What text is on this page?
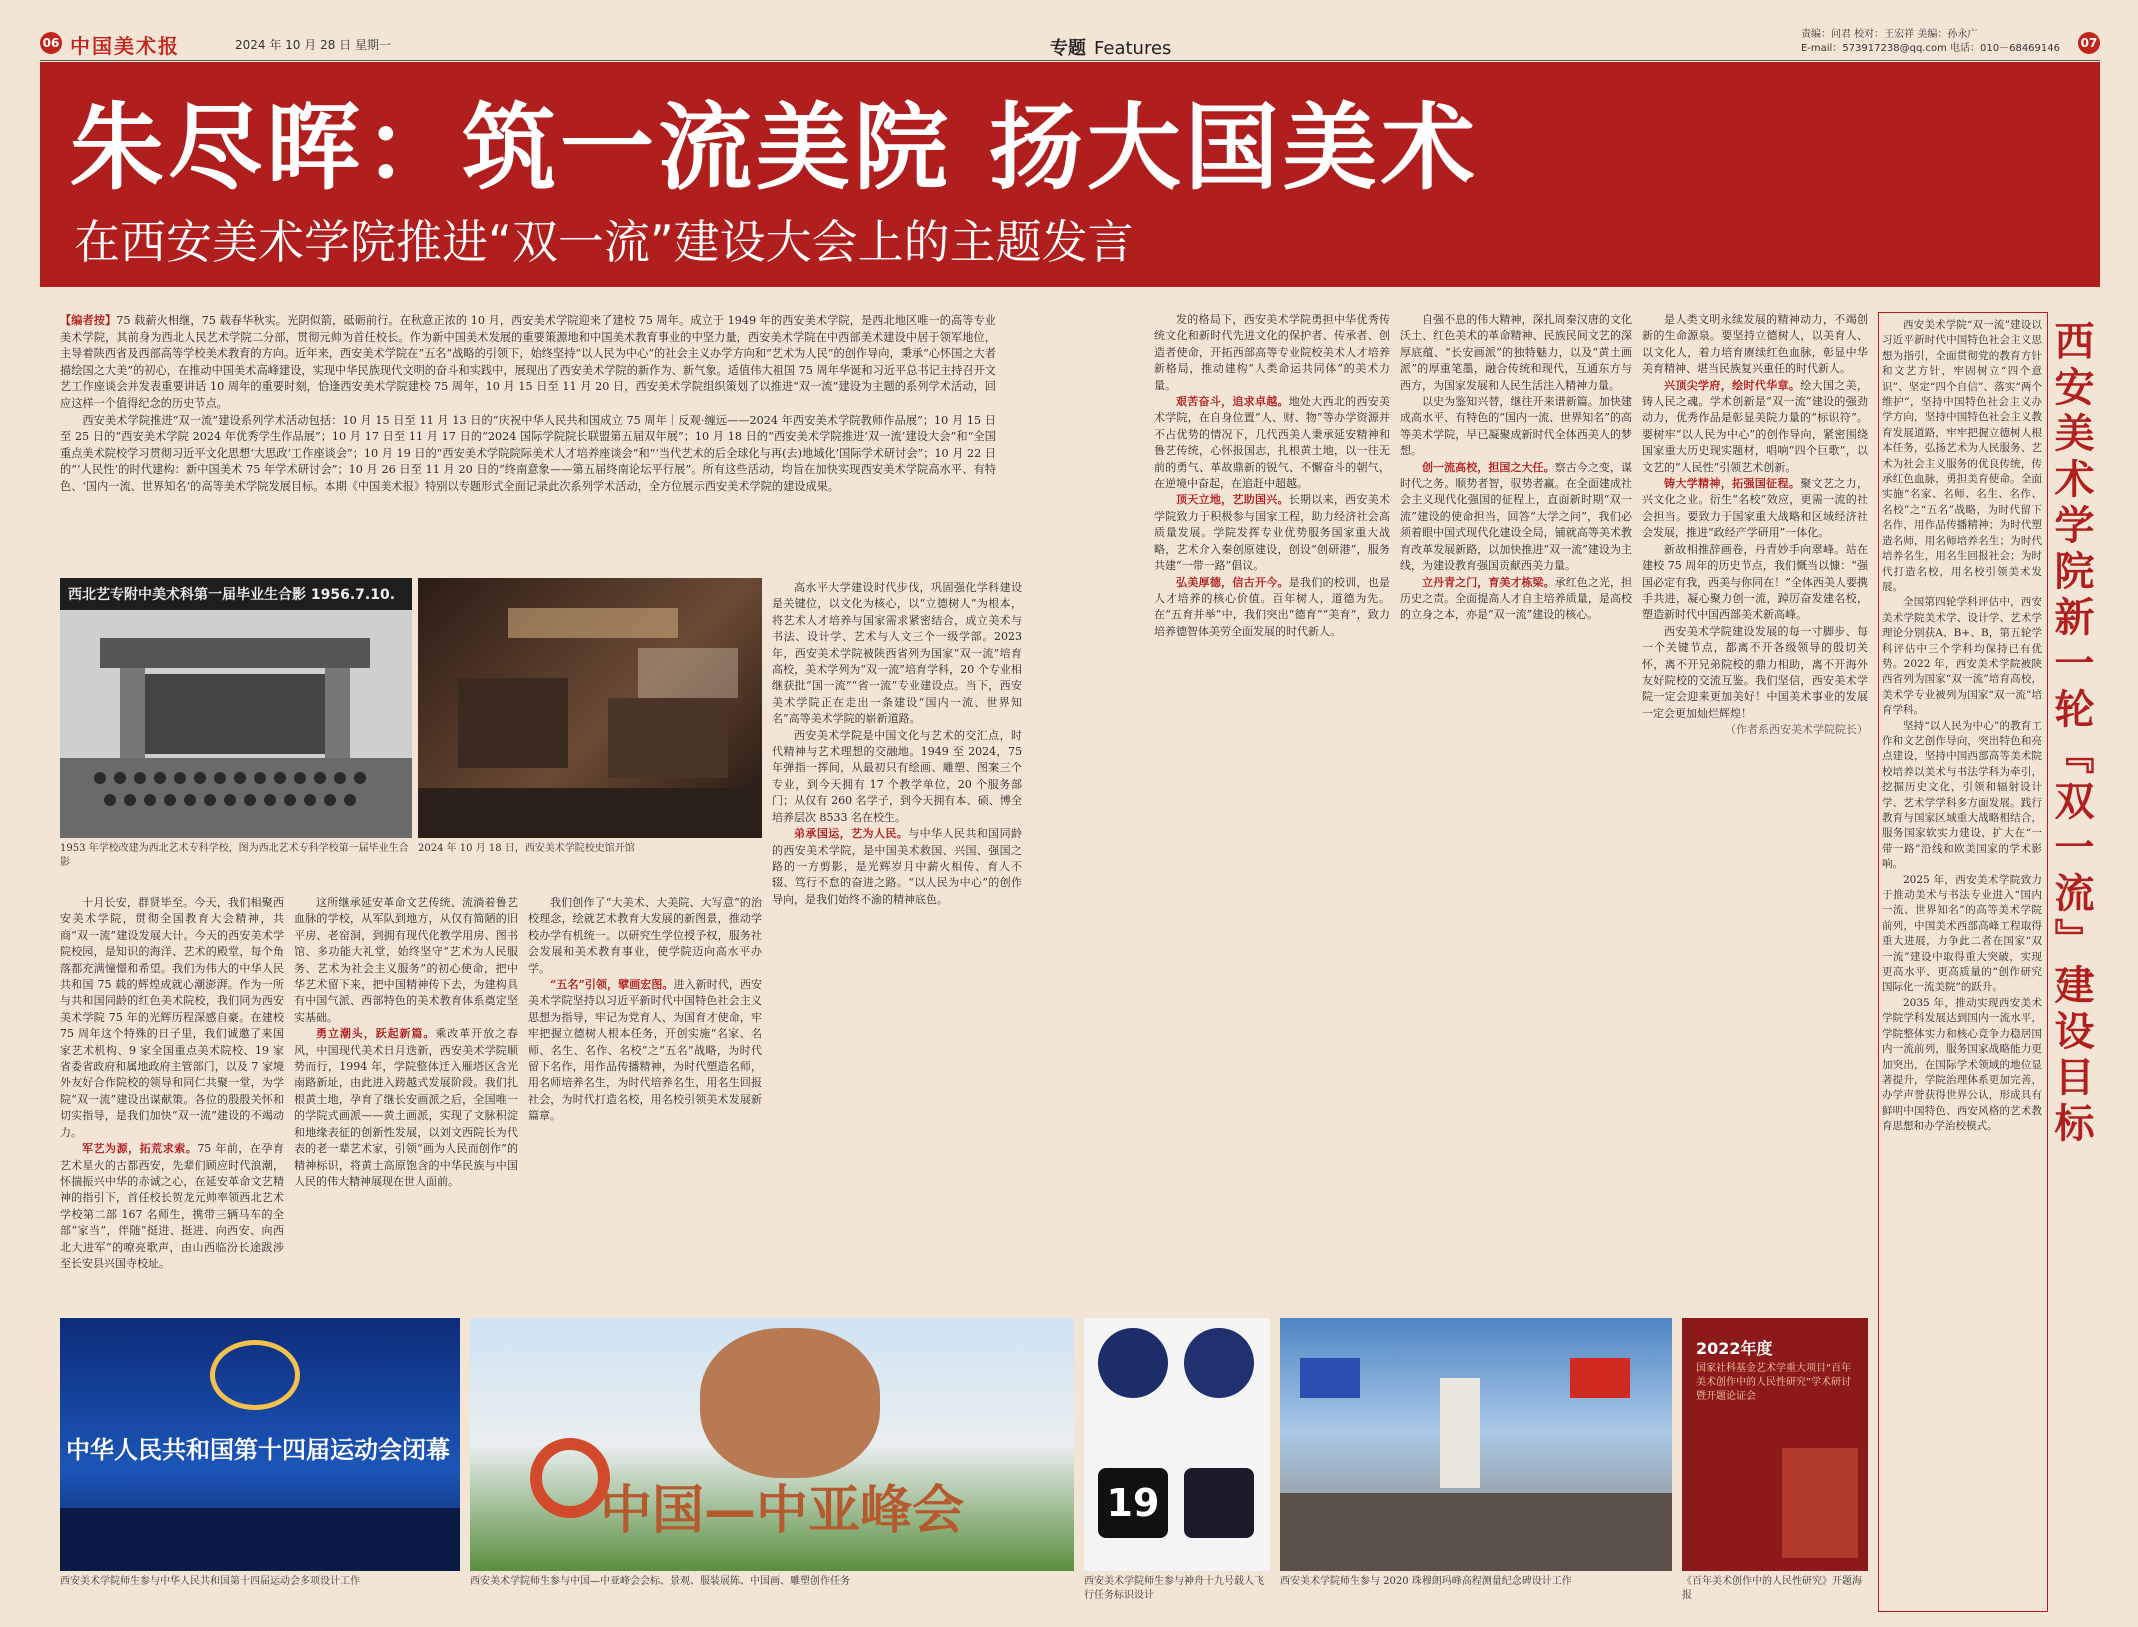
06 中国美术报	2024 年 10 月 28 日 星期一	专题 Features
责编：问君 校对：王宏祥 美编：孙永广
E-mail：573917238@qq.com 电话：010－68469146 07
朱尽晖：筑一流美院 扬大国美术
在西安美术学院推进“双一流”建设大会上的主题发言

【编者按】75 载薪火相继，75 载春华秋实。光阴似箭，砥砺前行。在秋意正浓的 10 月，西安美术学院迎来了建校 75 周年。成立于 1949 年的西安美术学院，是西北地区唯一的高等专业美术学院，其前身为西北人民艺术学院二分部，贯彻元帅为首任校长。作为新中国美术发展的重要策源地和中国美术教育事业的中坚力量，西安美术学院在中西部美术建设中居于领军地位，主导着陕西省及西部高等学校美术教育的方向。近年来，西安美术学院在“五名”战略的引领下，始终坚持“以人民为中心”的社会主义办学方向和“艺术为人民”的创作导向，秉承“心怀国之大者 描绘国之大美”的初心，在推动中国美术高峰建设，实现中华民族现代文明的奋斗和实践中，展现出了西安美术学院的新作为、新气象。适值伟大祖国 75 周年华诞和习近平总书记主持召开文艺工作座谈会并发表重要讲话 10 周年的重要时刻，恰逢西安美术学院建校 75 周年，10 月 15 日至 11 月 20 日，西安美术学院组织策划了以推进“双一流”建设为主题的系列学术活动，回应这样一个值得纪念的历史节点。

西安美术学院推进“双一流”建设系列学术活动包括：10 月 15 日至 11 月 13 日的“庆祝中华人民共和国成立 75 周年｜反观·缠远——2024 年西安美术学院教师作品展”；10 月 15 日至 25 日的“西安美术学院 2024 年优秀学生作品展”；10 月 17 日至 11 月 17 日的“2024 国际学院院长联盟第五届双年展”；10 月 18 日的“西安美术学院推进‘双一流’建设大会”和“全国重点美术院校学习贯彻习近平文化思想‘大思政’工作座谈会”；10 月 19 日的“西安美术学院院际美术人才培养座谈会”和“‘当代艺术的后全球化与再(去)地域化’国际学术研讨会”；10 月 22 日的“‘人民性’的时代建构：新中国美术 75 年学术研讨会”；10 月 26 日至 11 月 20 日的“终南意象——第五届终南论坛平行展”。所有这些活动，均旨在加快实现西安美术学院高水平、有特色、‘国内一流、世界知名’的高等美术学院发展目标。本期《中国美术报》特别以专题形式全面记录此次系列学术活动，全方位展示西安美术学院的建设成果。

西北艺专附中美术科第一届毕业生合影 1956.7.10.
1953 年学校改建为西北艺术专科学校，图为西北艺术专科学校第一届毕业生合影
2024 年 10 月 18 日，西安美术学院校史馆开馆

十月长安，群贤毕至。今天，我们相聚西安美术学院，贯彻全国教育大会精神，共商“双一流”建设发展大计。今天的西安美术学院校园，是知识的海洋、艺术的殿堂，每个角落都充满憧憬和希望。我们为伟大的中华人民共和国 75 载的辉煌成就心潮澎湃。作为一所与共和国同龄的红色美术院校，我们同为西安美术学院 75 年的光辉历程深感自豪。在建校 75 周年这个特殊的日子里，我们诚邀了来国家艺术机构、9 家全国重点美术院校、19 家省委省政府和属地政府主管部门，以及 7 家境外友好合作院校的领导和同仁共聚一堂，为学院“双一流”建设出谋献策。各位的殷殷关怀和切实指导，是我们加快“双一流”建设的不竭动力。

军艺为源，拓荒求索。75 年前，在孕育艺术星火的古都西安，先辈们顾应时代浪潮，怀揣振兴中华的赤诚之心，在延安革命文艺精神的指引下，首任校长贺龙元帅率领西北艺术学校第二部 167 名师生，携带三辆马车的全部“家当”，伴随“挺进、挺进、向西安、向西北大进军”的嘹亮歌声，由山西临汾长途跋涉至长安县兴国寺校址。

这所继承延安革命文艺传统、流淌着鲁艺血脉的学校，从军队到地方，从仅有简陋的旧平房、老窑洞，到拥有现代化教学用房、图书馆、多功能大礼堂，始终坚守“艺术为人民服务、艺术为社会主义服务”的初心使命，把中华艺术留下来，把中国精神传下去，为建构具有中国气派、西部特色的美术教育体系奠定坚实基础。

勇立潮头，跃起新篇。乘改革开放之春风，中国现代美术日月迭新，西安美术学院顺势而行，1994 年，学院整体迁入雁塔区含光南路新址，由此进入跨越式发展阶段。我们扎根黄土地，孕育了继长安画派之后，全国唯一的学院式画派——黄土画派，实现了文脉积淀和地缘表征的创新性发展，以刘文西院长为代表的老一辈艺术家，引领“画为人民而创作”的精神标识，将黄土高原饱含的中华民族与中国人民的伟大精神展现在世人面前。

我们创作了“大美术、大美院、大写意”的治校理念，绘就艺术教育大发展的新图景，推动学校办学有机统一。以研究生学位授予权，服务社会发展和美术教育事业，使学院迈向高水平办学。

“五名”引领，擘画宏图。进入新时代，西安美术学院坚持以习近平新时代中国特色社会主义思想为指导，牢记为党育人、为国育才使命，牢牢把握立德树人根本任务，开创实施“名家、名师、名生、名作、名校”之“五名”战略，为时代留下名作，用作品传播精神，为时代塑造名师，用名师培养名生，为时代培养名生，用名生回报社会，为时代打造名校，用名校引领美术发展新篇章。

高水平大学建设时代步伐，巩固强化学科建设是关键位，以文化为核心，以“立德树人”为根本，将艺术人才培养与国家需求紧密结合，成立美术与书法、设计学、艺术与人文三个一级学部。2023 年，西安美术学院被陕西省列为国家“双一流”培育高校，美术学列为“双一流”培育学科，20 个专业相继获批“国一流”“省一流”专业建设点。当下，西安美术学院正在走出一条建设“国内一流、世界知名”高等美术学院的崭新道路。

西安美术学院是中国文化与艺术的交汇点，时代精神与艺术理想的交融地。1949 至 2024，75 年弹指一挥间，从最初只有绘画、雕塑、图案三个专业，到今天拥有 17 个教学单位，20 个服务部门；从仅有 260 名学子，到今天拥有本、硕、博全培养层次 8533 名在校生。

弟承国运，艺为人民。与中华人民共和国同龄的西安美术学院，是中国美术救国、兴国、强国之路的一方剪影，是光辉岁月中薪火相传、育人不辍、笃行不怠的奋进之路。“以人民为中心”的创作导向，是我们始终不渝的精神底色。

发的格局下，西安美术学院勇担中华优秀传统文化和新时代先进文化的保护者、传承者、创造者使命，开拓西部高等专业院校美术人才培养新格局，推动建构“人类命运共同体”的美术力量。

艰苦奋斗，追求卓越。地处大西北的西安美术学院，在自身位置“人、财、物”等办学资源并不占优势的情况下，几代西美人秉承延安精神和鲁艺传统，心怀报国志，扎根黄土地，以一往无前的勇气、革故鼎新的锐气、不懈奋斗的朝气，在逆境中奋起，在追赶中超越。

顶天立地，艺助国兴。长期以来，西安美术学院致力于积极参与国家工程，助力经济社会高质量发展。学院发挥专业优势服务国家重大战略，艺术介入秦创原建设，创设“创研港”，服务共建“一带一路”倡议。

弘美厚德，信古开今。是我们的校训，也是人才培养的核心价值。百年树人，道德为先。在“五育并举”中，我们突出“德育”“美育”，致力培养德智体美劳全面发展的时代新人。

自强不息的伟大精神，深扎周秦汉唐的文化沃土、红色美术的革命精神、民族民间文艺的深厚底蕴、“长安画派”的独特魅力，以及“黄土画派”的厚重笔墨，融合传统和现代，互通东方与西方，为国家发展和人民生活注入精神力量。

以史为鉴知兴替，继往开来谱新篇。加快建成高水平、有特色的“国内一流、世界知名”的高等美术学院，早已凝聚成新时代全体西美人的梦想。

创一流高校，担国之大任。察古今之变，谋时代之务。顺势者智，驭势者赢。在全面建成社会主义现代化强国的征程上，直面新时期“双一流”建设的使命担当，回答“大学之问”，我们必须着眼中国式现代化建设全局，铺就高等美术教育改革发展新路，以加快推进“双一流”建设为主线，为建设教育强国贡献西美力量。

立丹青之门，育美才栋梁。承红色之光，担历史之责。全面提高人才自主培养质量，是高校的立身之本，亦是“双一流”建设的核心。

是人类文明永续发展的精神动力，不竭创新的生命源泉。要坚持立德树人，以美育人、以文化人，着力培育赓续红色血脉，彰显中华美育精神、堪当民族复兴重任的时代新人。

兴顶尖学府，绘时代华章。绘大国之美，铸人民之魂。学术创新是“双一流”建设的强劲动力，优秀作品是彰显美院力量的“标识符”。要树牢“以人民为中心”的创作导向，紧密围绕国家重大历史现实题材，唱响“四个巨歌”，以文艺的“人民性”引领艺术创新。

铸大学精神，拓强国征程。聚文艺之力，兴文化之业。衍生“名校”效应，更需一流的社会担当。要致力于国家重大战略和区域经济社会发展，推进“政经产学研用”一体化。

新故相推辞画卷，丹青妙手向翠峰。站在建校 75 周年的历史节点，我们慨当以慷：“强国必定有我，西美与你同在！”全体西美人要携手共进，凝心聚力创一流，踔厉奋发建名校，塑造新时代中国西部美术新高峰。

西安美术学院建设发展的每一寸脚步、每一个关键节点，都离不开各级领导的殷切关怀，离不开兄弟院校的鼎力相助，离不开海外友好院校的交流互鉴。我们坚信，西安美术学院一定会迎来更加美好！中国美术事业的发展一定会更加灿烂辉煌！

（作者系西安美术学院院长）

中华人民共和国第十四届运动会闭幕
中国—中亚峰会	19
2022年度
国家社科基金艺术学重大项目“百年美术创作中的人民性研究”学术研讨暨开题论证会
西安美术学院师生参与中华人民共和国第十四届运动会多项设计工作	西安美术学院师生参与中国—中亚峰会会标、景观、服装展陈、中国画、雕塑创作任务	西安美术学院师生参与神舟十九号载人飞行任务标识设计
西安美术学院师生参与 2020 珠穆朗玛峰高程测量纪念碑设计工作	《百年美术创作中的人民性研究》开题海报

西安美术学院“双一流”建设以习近平新时代中国特色社会主义思想为指引，全面贯彻党的教育方针和文艺方针，牢固树立“四个意识”、坚定“四个自信”、落实“两个维护”，坚持中国特色社会主义办学方向，坚持中国特色社会主义教育发展道路，牢牢把握立德树人根本任务，弘扬艺术为人民服务、艺术为社会主义服务的优良传统，传承红色血脉，勇担美育使命。全面实施“名家、名师、名生、名作、名校”之“五名”战略，为时代留下名作，用作品传播精神；为时代塑造名师，用名师培养名生；为时代培养名生，用名生回报社会；为时代打造名校，用名校引领美术发展。

全国第四轮学科评估中，西安美术学院美术学、设计学、艺术学理论分别获A、B+、B，第五轮学科评估中三个学科均保持已有优势。2022 年，西安美术学院被陕西省列为国家“双一流”培育高校，美术学专业被列为国家“双一流”培育学科。

坚持“以人民为中心”的教育工作和文艺创作导向，突出特色和亮点建设，坚持中国西部高等美术院校培养以美术与书法学科为牵引，挖掘历史文化，引领和辐射设计学、艺术学学科多方面发展。践行教育与国家区域重大战略相结合，服务国家软实力建设，扩大在“一带一路”沿线和欧美国家的学术影响。

2025 年，西安美术学院致力于推动美术与书法专业进入“国内一流、世界知名”的高等美术学院前列，中国美术西部高峰工程取得重大进展，力争此二者在国家“双一流”建设中取得重大突破，实现更高水平、更高质量的“创作研究国际化一流美院”的跃升。

2035 年，推动实现西安美术学院学科发展达到国内一流水平，学院整体实力和核心竞争力稳居国内一流前列，服务国家战略能力更加突出，在国际学术领域的地位显著提升，学院治理体系更加完善，办学声誉获得世界公认，形成具有鲜明中国特色、西安风格的艺术教育思想和办学治校模式。	西安美术学院新一轮『双一流』建设目标
